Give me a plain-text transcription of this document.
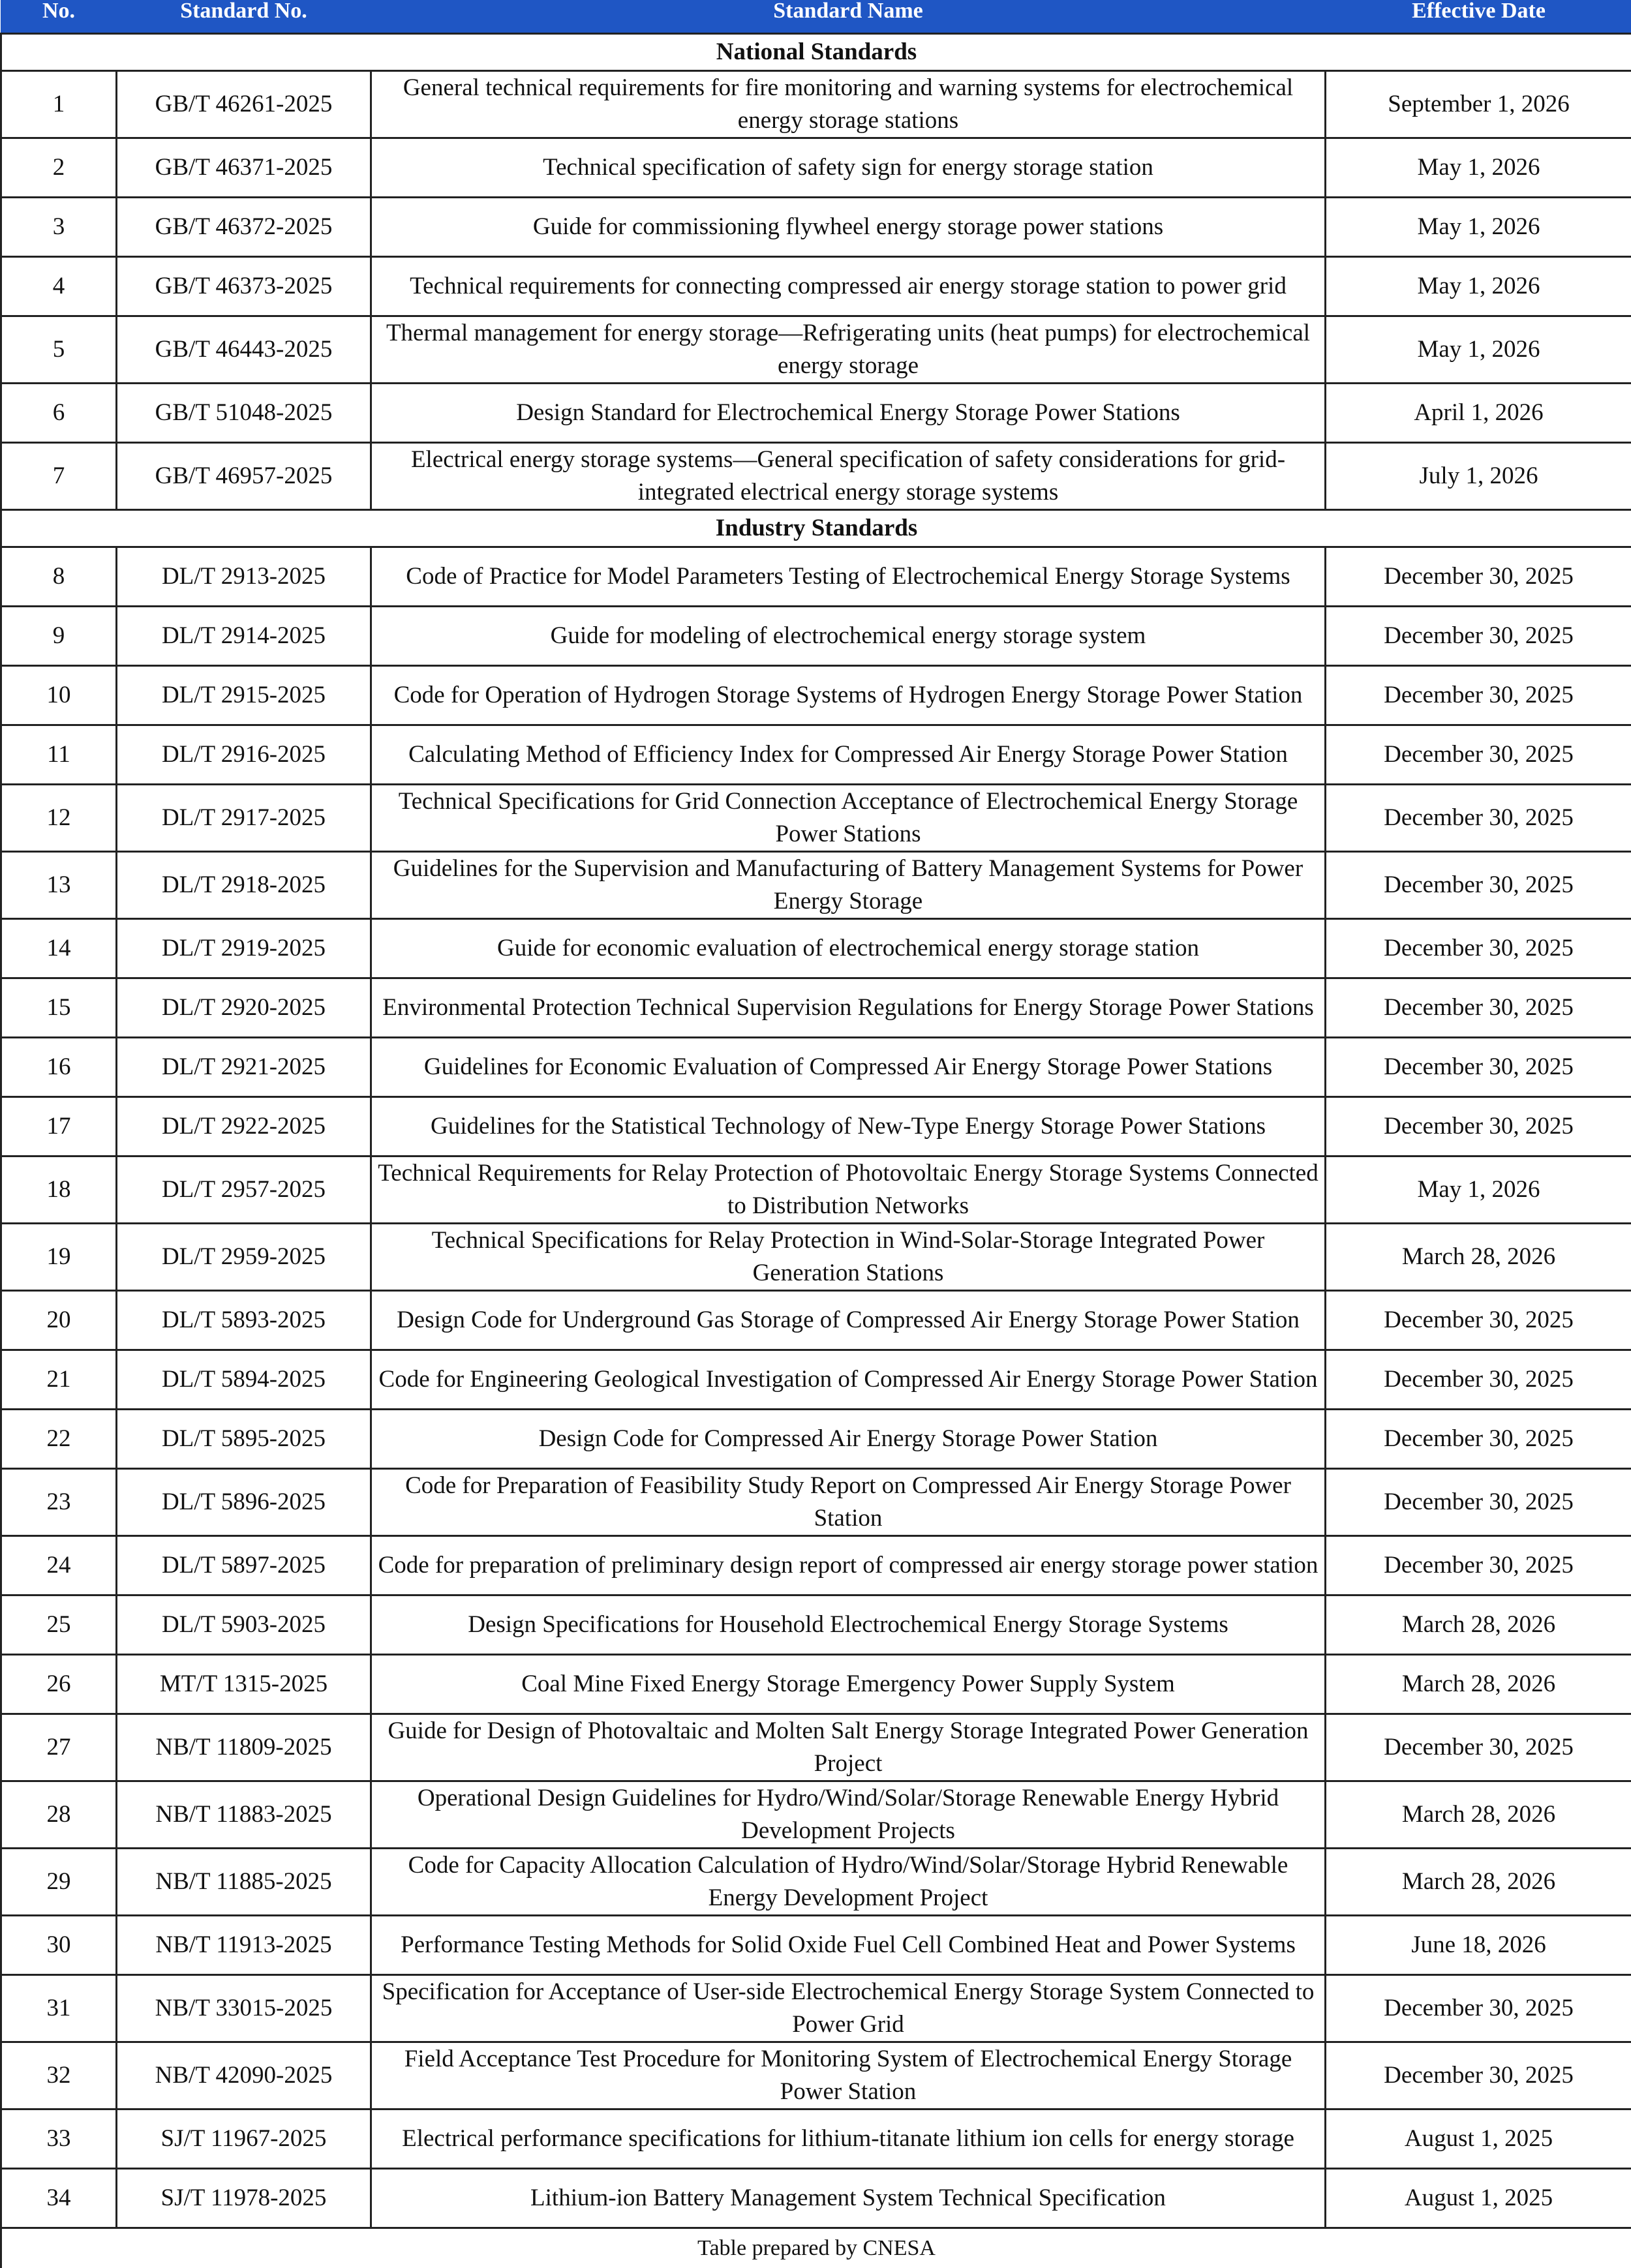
No.	Standard No.	Standard Name	Effective Date
National Standards			
1	GB/T 46261-2025	General technical requirements for fire monitoring and warning systems for electrochemical energy storage stations	September 1, 2026
2	GB/T 46371-2025	Technical specification of safety sign for energy storage station	May 1, 2026
3	GB/T 46372-2025	Guide for commissioning flywheel energy storage power stations	May 1, 2026
4	GB/T 46373-2025	Technical requirements for connecting compressed air energy storage station to power grid	May 1, 2026
5	GB/T 46443-2025	Thermal management for energy storage—Refrigerating units (heat pumps) for electrochemical energy storage	May 1, 2026
6	GB/T 51048-2025	Design Standard for Electrochemical Energy Storage Power Stations	April 1, 2026
7	GB/T 46957-2025	Electrical energy storage systems—General specification of safety considerations for grid-integrated electrical energy storage systems	July 1, 2026
Industry Standards			
8	DL/T 2913-2025	Code of Practice for Model Parameters Testing of Electrochemical Energy Storage Systems	December 30, 2025
9	DL/T 2914-2025	Guide for modeling of electrochemical energy storage system	December 30, 2025
10	DL/T 2915-2025	Code for Operation of Hydrogen Storage Systems of Hydrogen Energy Storage Power Station	December 30, 2025
11	DL/T 2916-2025	Calculating Method of Efficiency Index for Compressed Air Energy Storage Power Station	December 30, 2025
12	DL/T 2917-2025	Technical Specifications for Grid Connection Acceptance of Electrochemical Energy Storage Power Stations	December 30, 2025
13	DL/T 2918-2025	Guidelines for the Supervision and Manufacturing of Battery Management Systems for Power Energy Storage	December 30, 2025
14	DL/T 2919-2025	Guide for economic evaluation of electrochemical energy storage station	December 30, 2025
15	DL/T 2920-2025	Environmental Protection Technical Supervision Regulations for Energy Storage Power Stations	December 30, 2025
16	DL/T 2921-2025	Guidelines for Economic Evaluation of Compressed Air Energy Storage Power Stations	December 30, 2025
17	DL/T 2922-2025	Guidelines for the Statistical Technology of New-Type Energy Storage Power Stations	December 30, 2025
18	DL/T 2957-2025	Technical Requirements for Relay Protection of Photovoltaic Energy Storage Systems Connected to Distribution Networks	May 1, 2026
19	DL/T 2959-2025	Technical Specifications for Relay Protection in Wind-Solar-Storage Integrated Power Generation Stations	March 28, 2026
20	DL/T 5893-2025	Design Code for Underground Gas Storage of Compressed Air Energy Storage Power Station	December 30, 2025
21	DL/T 5894-2025	Code for Engineering Geological Investigation of Compressed Air Energy Storage Power Station	December 30, 2025
22	DL/T 5895-2025	Design Code for Compressed Air Energy Storage Power Station	December 30, 2025
23	DL/T 5896-2025	Code for Preparation of Feasibility Study Report on Compressed Air Energy Storage Power Station	December 30, 2025
24	DL/T 5897-2025	Code for preparation of preliminary design report of compressed air energy storage power station	December 30, 2025
25	DL/T 5903-2025	Design Specifications for Household Electrochemical Energy Storage Systems	March 28, 2026
26	MT/T 1315-2025	Coal Mine Fixed Energy Storage Emergency Power Supply System	March 28, 2026
27	NB/T 11809-2025	Guide for Design of Photovaltaic and Molten Salt Energy Storage Integrated Power Generation Project	December 30, 2025
28	NB/T 11883-2025	Operational Design Guidelines for Hydro/Wind/Solar/Storage Renewable Energy Hybrid Development Projects	March 28, 2026
29	NB/T 11885-2025	Code for Capacity Allocation Calculation of Hydro/Wind/Solar/Storage Hybrid Renewable Energy Development Project	March 28, 2026
30	NB/T 11913-2025	Performance Testing Methods for Solid Oxide Fuel Cell Combined Heat and Power Systems	June 18, 2026
31	NB/T 33015-2025	Specification for Acceptance of User-side Electrochemical Energy Storage System Connected to Power Grid	December 30, 2025
32	NB/T 42090-2025	Field Acceptance Test Procedure for Monitoring System of Electrochemical Energy Storage Power Station	December 30, 2025
33	SJ/T 11967-2025	Electrical performance specifications for lithium-titanate lithium ion cells for energy storage	August 1, 2025
34	SJ/T 11978-2025	Lithium-ion Battery Management System Technical Specification	August 1, 2025
Table prepared by CNESA			
